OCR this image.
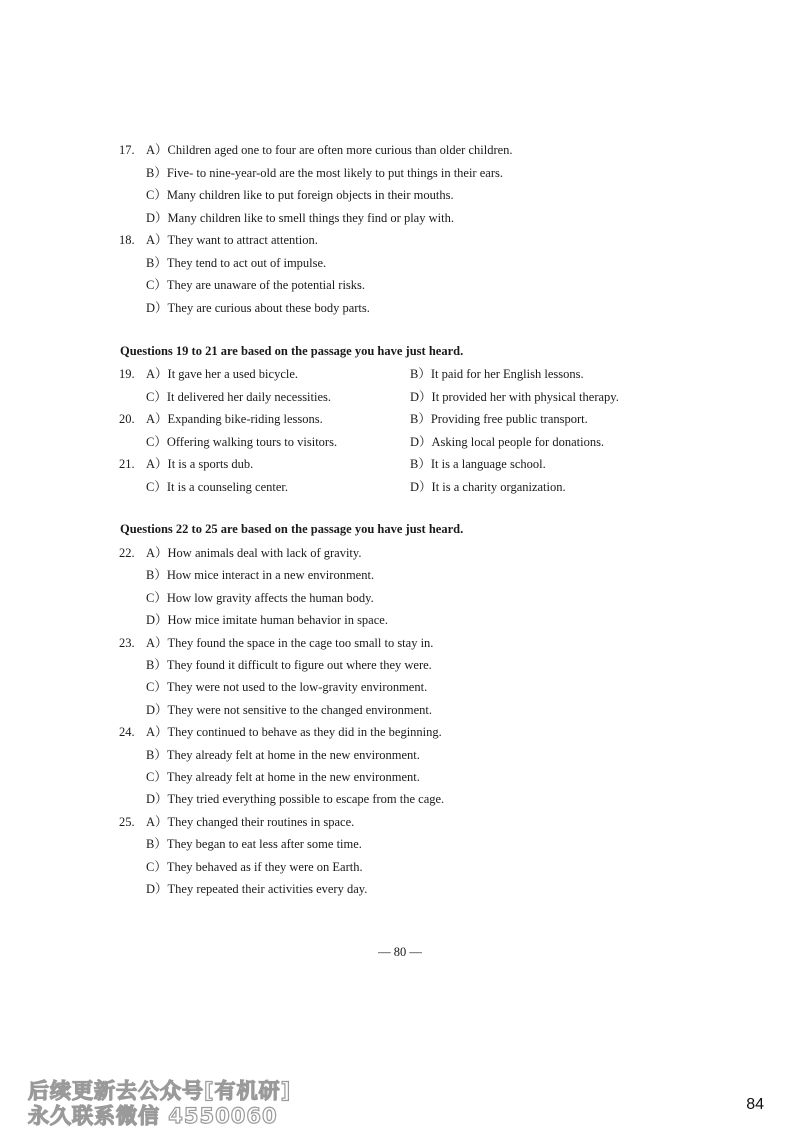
17. A）Children aged one to four are often more curious than older children.
B）Five- to nine-year-old are the most likely to put things in their ears.
C）Many children like to put foreign objects in their mouths.
D）Many children like to smell things they find or play with.
18. A）They want to attract attention.
B）They tend to act out of impulse.
C）They are unaware of the potential risks.
D）They are curious about these body parts.
Questions 19 to 21 are based on the passage you have just heard.
19. A）It gave her a used bicycle.	B）It paid for her English lessons.
C）It delivered her daily necessities.	D）It provided her with physical therapy.
20. A）Expanding bike-riding lessons.	B）Providing free public transport.
C）Offering walking tours to visitors.	D）Asking local people for donations.
21. A）It is a sports dub.	B）It is a language school.
C）It is a counseling center.	D）It is a charity organization.
Questions 22 to 25 are based on the passage you have just heard.
22. A）How animals deal with lack of gravity.
B）How mice interact in a new environment.
C）How low gravity affects the human body.
D）How mice imitate human behavior in space.
23. A）They found the space in the cage too small to stay in.
B）They found it difficult to figure out where they were.
C）They were not used to the low-gravity environment.
D）They were not sensitive to the changed environment.
24. A）They continued to behave as they did in the beginning.
B）They already felt at home in the new environment.
C）They already felt at home in the new environment.
D）They tried everything possible to escape from the cage.
25. A）They changed their routines in space.
B）They began to eat less after some time.
C）They behaved as if they were on Earth.
D）They repeated their activities every day.
— 80 —
84
后续更新去公众号[有机研]
永久联系微信 4550060
